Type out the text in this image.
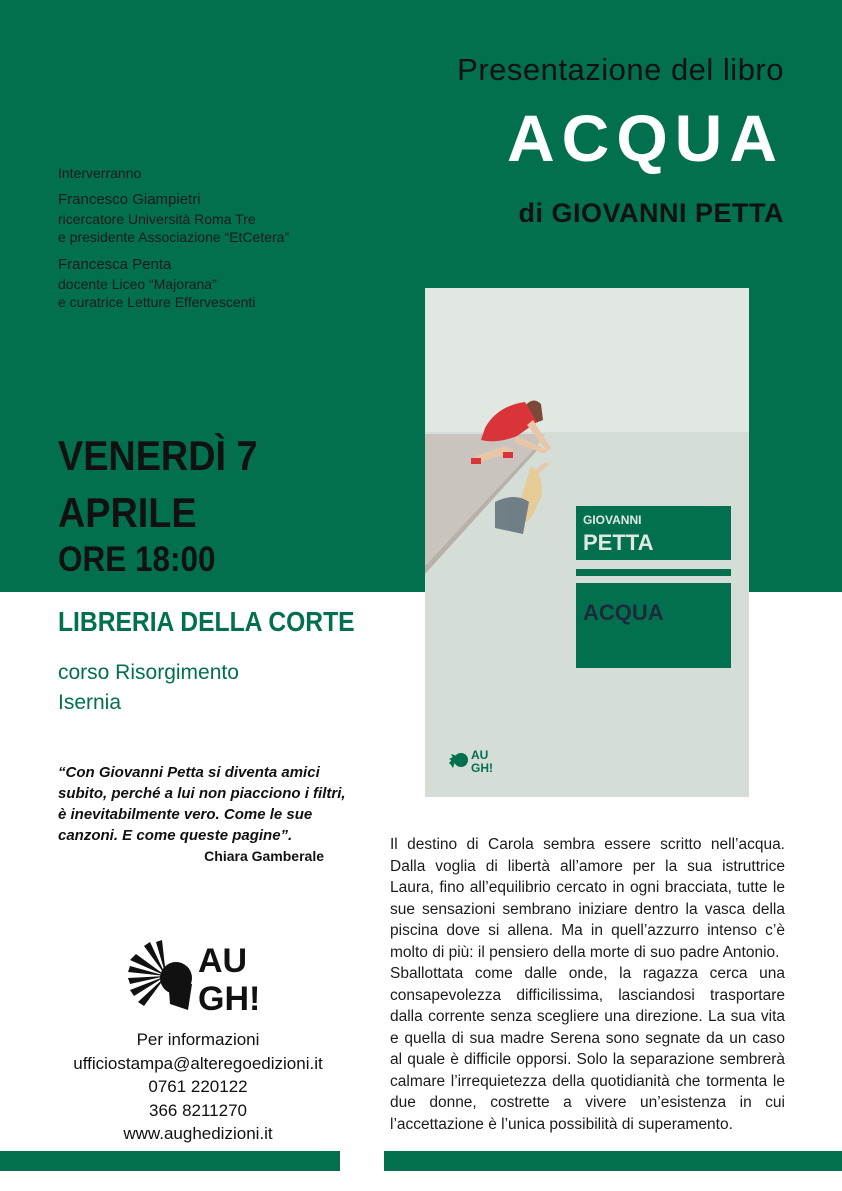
Presentazione del libro
ACQUA
di GIOVANNI PETTA
Interverranno
Francesco Giampietri
ricercatore Università Roma Tre
e presidente Associazione “EtCetera”
Francesca Penta
docente Liceo “Majorana”
e curatrice Letture Effervescenti
VENERDÌ 7
APRILE
ORE 18:00
LIBRERIA DELLA CORTE
corso Risorgimento
Isernia
GIOVANNI
PETTA
ACQUA
AU
GH!
“Con Giovanni Petta si diventa amici subito, perché a lui non piacciono i filtri, è inevitabilmente vero. Come le sue canzoni. E come queste pagine”.
Chiara Gamberale

Il destino di Carola sembra essere scritto nell’acqua. Dalla voglia di libertà all’amore per la sua istruttrice Laura, fino all’equilibrio cercato in ogni bracciata, tutte le sue sensazioni sembrano iniziare dentro la vasca della piscina dove si allena. Ma in quell’azzurro intenso c’è molto di più: il pensiero della morte di suo padre Antonio.

Sballottata come dalle onde, la ragazza cerca una consapevolezza difficilissima, lasciandosi trasportare dalla corrente senza scegliere una direzione. La sua vita e quella di sua madre Serena sono segnate da un caso al quale è difficile opporsi. Solo la separazione sembrerà calmare l’irrequietezza della quotidianità che tormenta le due donne, costrette a vivere un’esistenza in cui l’accettazione è l’unica possibilità di superamento.

AU
GH!
Per informazioni
ufficiostampa@alteregoedizioni.it
0761 220122
366 8211270
www.aughedizioni.it
